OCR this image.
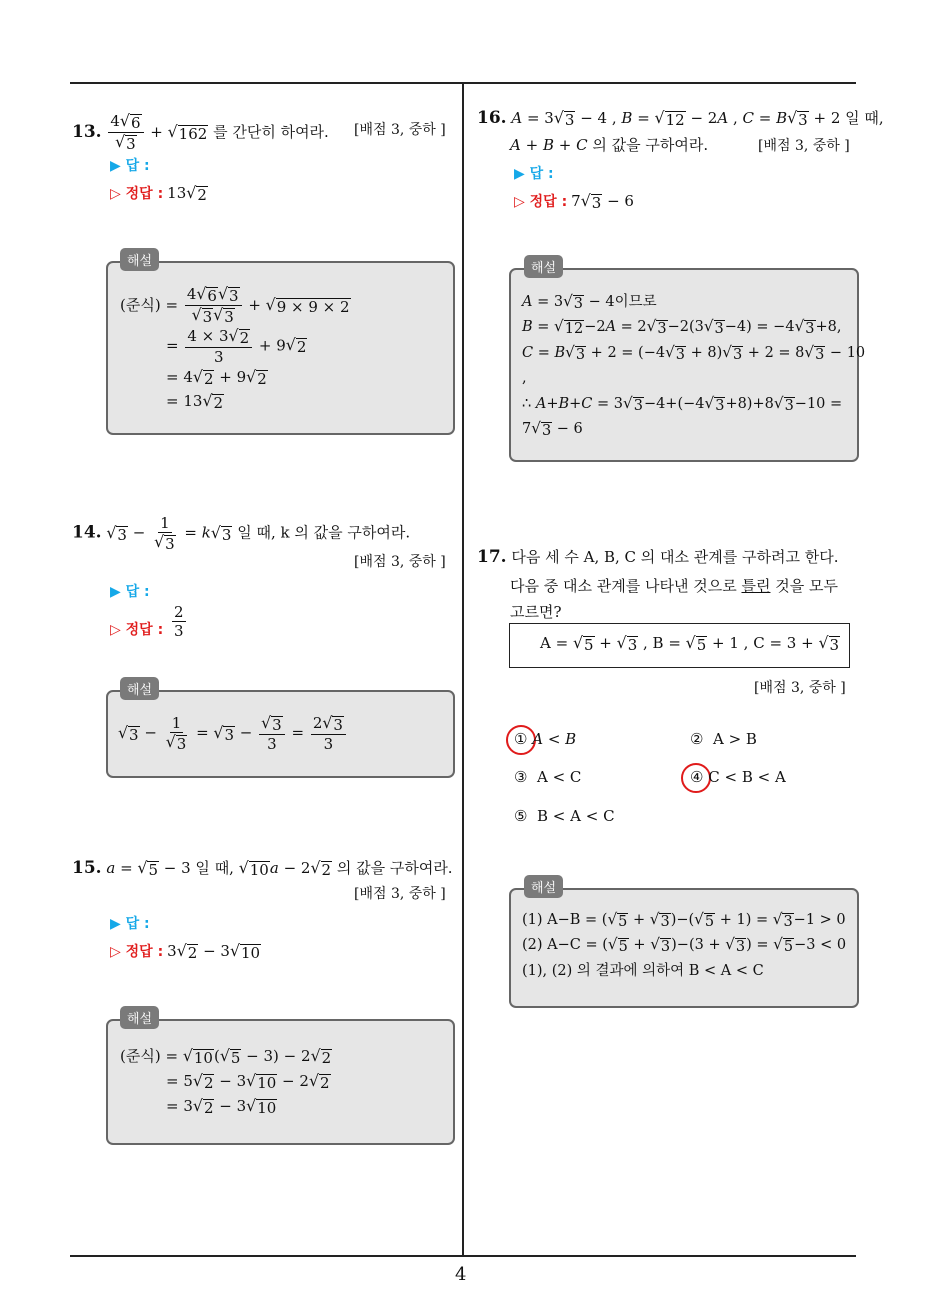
4
13. $\frac{4 √ 6}{√ 3}$ + √ 162 를 간단히 하여라. [배점 3, 중하 ]
▶ 답 :
▷ 정답 : 13 √ 2
해설
(준식) = $\frac{4 √ 6 √ 3}{√ 3 √ 3}$ + √ 9 × 9 × 2
= $\frac{4 \times 3 √ 2}{3} + 9$ √ 2
= 4 √ 2 + 9 √ 2
= 13 √ 2
14. √ $3 - \frac{1}{√ 3} = k$ √ 3 일 때, k 의 값을 구하여라.
[배점 3, 중하 ]
▶ 답 :
▷ 정답 : $\frac{2}{3}$
해설
√ $3 - \frac{1}{√ 3}$ = √ $3 - \frac{√ 3}{3} = \frac{2 √ 3}{3}$
15. a = √ 5 − 3 일 때, √ 10 a − 2 √ 2 의 값을 구하여라.
[배점 3, 중하 ]
▶ 답 :
▷ 정답 : 3 √ 2 − 3 √ 10
해설
(준식) = √ 10 ( √ 5 − 3) − 2 √ 2
= 5 √ 2 − 3 √ 10 − 2 √ 2
= 3 √ 2 − 3 √ 10
16. A = 3 √ 3 − 4 , B = √ 12 − 2A , C = B √ 3 + 2 일 때,
A + B + C 의 값을 구하여라.	[배점 3, 중하 ]
▶ 답 :
▷ 정답 : 7 √ 3 − 6
해설
A = 3 √ 3 − 4이므로
B = √ 12 −2A = 2 √ 3 −2(3 √ 3 −4) = −4 √ 3 +8,
C = B √ 3 + 2 = (−4 √ 3 + 8) √ 3 + 2 = 8 √ 3 − 10
,
∴ A+B+C = 3 √ 3 −4+(−4 √ 3 +8)+8 √ 3 −10 =
7 √ 3 − 6
17. 다음 세 수 A, B, C 의 대소 관계를 구하려고 한다.
다음 중 대소 관계를 나타낸 것으로 틀린 것을 모두
고르면?
A = √ 5 + √ 3 , B = √ 5 + 1 , C = 3 + √ 3
[배점 3, 중하 ]
① A < B	② A > B
③ A < C	④ C < B < A
⑤ B < A < C
해설
(1) A−B = ( √ 5 + √ 3 )−( √ 5 + 1) = √ 3 −1 > 0
(2) A−C = ( √ 5 + √ 3 )−(3 + √ 3 ) = √ 5 −3 < 0
(1), (2) 의 결과에 의하여 B < A < C
